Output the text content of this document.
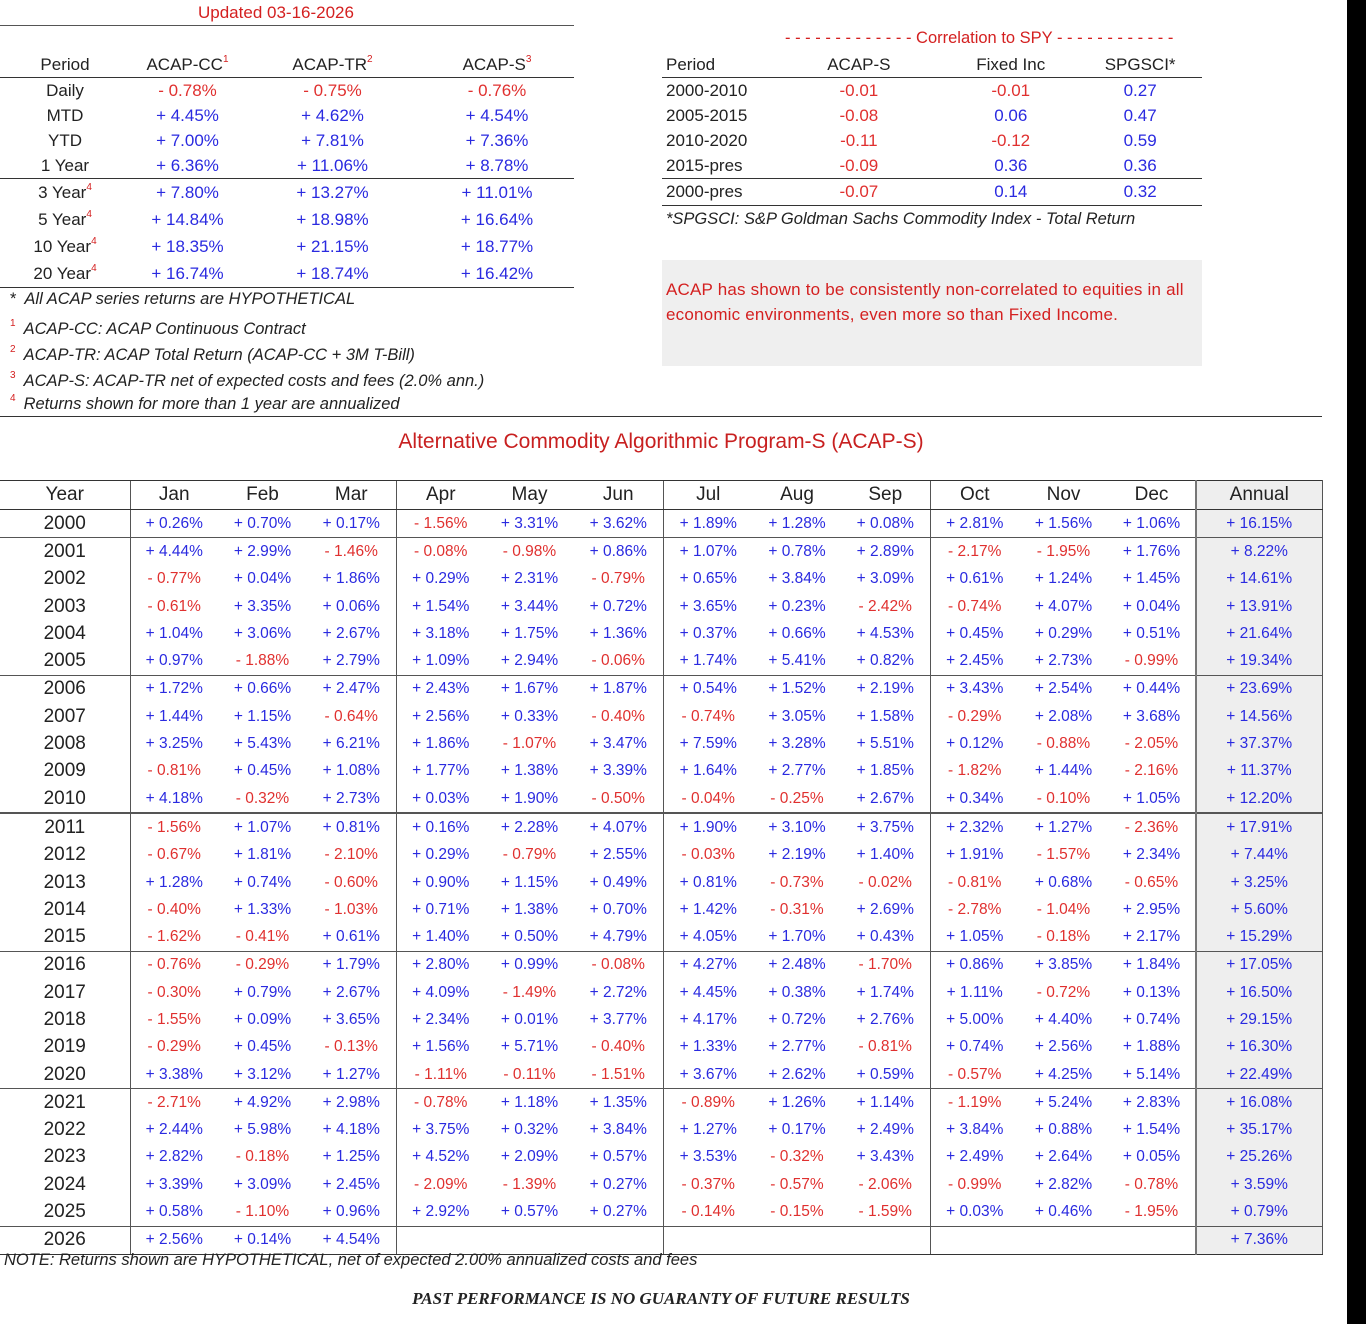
Updated 03-16-2026
Period	ACAP-$CC^1$	ACAP-$TR^2$	ACAP-$S^3$
Daily	- 0.78%	- 0.75%	- 0.76%
MTD	+ 4.45%	+ 4.62%	+ 4.54%
YTD	+ 7.00%	+ 7.81%	+ 7.36%
1 Year	+ 6.36%	+ 11.06%	+ 8.78%
3 Year$^4$	+ 7.80%	+ 13.27%	+ 11.01%
5 Year$^4$	+ 14.84%	+ 18.98%	+ 16.64%
10 Year$^4$	+ 18.35%	+ 21.15%	+ 18.77%
20 Year$^4$	+ 16.74%	+ 18.74%	+ 16.42%
* All ACAP series returns are HYPOTHETICAL
$^1$ ACAP-CC: ACAP Continuous Contract
$^2$ ACAP-TR: ACAP Total Return (ACAP-CC + 3M T-Bill)
$^3$ ACAP-S: ACAP-TR net of expected costs and fees (2.0% ann.)
$^4$ Returns shown for more than 1 year are annualized
- - - - - - - - - - - - - Correlation to SPY - - - - - - - - - - - -
Period	ACAP-S	Fixed Inc	SPGSCI*
2000-2010	-0.01	-0.01	0.27
2005-2015	-0.08	0.06	0.47
2010-2020	-0.11	-0.12	0.59
2015-pres	-0.09	0.36	0.36
2000-pres	-0.07	0.14	0.32
*SPGSCI: S&P Goldman Sachs Commodity Index - Total Return
ACAP has shown to be consistently non-correlated to equities in all economic environments, even more so than Fixed Income.
Alternative Commodity Algorithmic Program-S (ACAP-S)
Year	Jan	Feb	Mar	Apr	May	Jun	Jul	Aug	Sep	Oct	Nov	Dec	Annual
2000	+ 0.26%	+ 0.70%	+ 0.17%	- 1.56%	+ 3.31%	+ 3.62%	+ 1.89%	+ 1.28%	+ 0.08%	+ 2.81%	+ 1.56%	+ 1.06%	+ 16.15%
2001	+ 4.44%	+ 2.99%	- 1.46%	- 0.08%	- 0.98%	+ 0.86%	+ 1.07%	+ 0.78%	+ 2.89%	- 2.17%	- 1.95%	+ 1.76%	+ 8.22%
2002	- 0.77%	+ 0.04%	+ 1.86%	+ 0.29%	+ 2.31%	- 0.79%	+ 0.65%	+ 3.84%	+ 3.09%	+ 0.61%	+ 1.24%	+ 1.45%	+ 14.61%
2003	- 0.61%	+ 3.35%	+ 0.06%	+ 1.54%	+ 3.44%	+ 0.72%	+ 3.65%	+ 0.23%	- 2.42%	- 0.74%	+ 4.07%	+ 0.04%	+ 13.91%
2004	+ 1.04%	+ 3.06%	+ 2.67%	+ 3.18%	+ 1.75%	+ 1.36%	+ 0.37%	+ 0.66%	+ 4.53%	+ 0.45%	+ 0.29%	+ 0.51%	+ 21.64%
2005	+ 0.97%	- 1.88%	+ 2.79%	+ 1.09%	+ 2.94%	- 0.06%	+ 1.74%	+ 5.41%	+ 0.82%	+ 2.45%	+ 2.73%	- 0.99%	+ 19.34%
2006	+ 1.72%	+ 0.66%	+ 2.47%	+ 2.43%	+ 1.67%	+ 1.87%	+ 0.54%	+ 1.52%	+ 2.19%	+ 3.43%	+ 2.54%	+ 0.44%	+ 23.69%
2007	+ 1.44%	+ 1.15%	- 0.64%	+ 2.56%	+ 0.33%	- 0.40%	- 0.74%	+ 3.05%	+ 1.58%	- 0.29%	+ 2.08%	+ 3.68%	+ 14.56%
2008	+ 3.25%	+ 5.43%	+ 6.21%	+ 1.86%	- 1.07%	+ 3.47%	+ 7.59%	+ 3.28%	+ 5.51%	+ 0.12%	- 0.88%	- 2.05%	+ 37.37%
2009	- 0.81%	+ 0.45%	+ 1.08%	+ 1.77%	+ 1.38%	+ 3.39%	+ 1.64%	+ 2.77%	+ 1.85%	- 1.82%	+ 1.44%	- 2.16%	+ 11.37%
2010	+ 4.18%	- 0.32%	+ 2.73%	+ 0.03%	+ 1.90%	- 0.50%	- 0.04%	- 0.25%	+ 2.67%	+ 0.34%	- 0.10%	+ 1.05%	+ 12.20%
2011	- 1.56%	+ 1.07%	+ 0.81%	+ 0.16%	+ 2.28%	+ 4.07%	+ 1.90%	+ 3.10%	+ 3.75%	+ 2.32%	+ 1.27%	- 2.36%	+ 17.91%
2012	- 0.67%	+ 1.81%	- 2.10%	+ 0.29%	- 0.79%	+ 2.55%	- 0.03%	+ 2.19%	+ 1.40%	+ 1.91%	- 1.57%	+ 2.34%	+ 7.44%
2013	+ 1.28%	+ 0.74%	- 0.60%	+ 0.90%	+ 1.15%	+ 0.49%	+ 0.81%	- 0.73%	- 0.02%	- 0.81%	+ 0.68%	- 0.65%	+ 3.25%
2014	- 0.40%	+ 1.33%	- 1.03%	+ 0.71%	+ 1.38%	+ 0.70%	+ 1.42%	- 0.31%	+ 2.69%	- 2.78%	- 1.04%	+ 2.95%	+ 5.60%
2015	- 1.62%	- 0.41%	+ 0.61%	+ 1.40%	+ 0.50%	+ 4.79%	+ 4.05%	+ 1.70%	+ 0.43%	+ 1.05%	- 0.18%	+ 2.17%	+ 15.29%
2016	- 0.76%	- 0.29%	+ 1.79%	+ 2.80%	+ 0.99%	- 0.08%	+ 4.27%	+ 2.48%	- 1.70%	+ 0.86%	+ 3.85%	+ 1.84%	+ 17.05%
2017	- 0.30%	+ 0.79%	+ 2.67%	+ 4.09%	- 1.49%	+ 2.72%	+ 4.45%	+ 0.38%	+ 1.74%	+ 1.11%	- 0.72%	+ 0.13%	+ 16.50%
2018	- 1.55%	+ 0.09%	+ 3.65%	+ 2.34%	+ 0.01%	+ 3.77%	+ 4.17%	+ 0.72%	+ 2.76%	+ 5.00%	+ 4.40%	+ 0.74%	+ 29.15%
2019	- 0.29%	+ 0.45%	- 0.13%	+ 1.56%	+ 5.71%	- 0.40%	+ 1.33%	+ 2.77%	- 0.81%	+ 0.74%	+ 2.56%	+ 1.88%	+ 16.30%
2020	+ 3.38%	+ 3.12%	+ 1.27%	- 1.11%	- 0.11%	- 1.51%	+ 3.67%	+ 2.62%	+ 0.59%	- 0.57%	+ 4.25%	+ 5.14%	+ 22.49%
2021	- 2.71%	+ 4.92%	+ 2.98%	- 0.78%	+ 1.18%	+ 1.35%	- 0.89%	+ 1.26%	+ 1.14%	- 1.19%	+ 5.24%	+ 2.83%	+ 16.08%
2022	+ 2.44%	+ 5.98%	+ 4.18%	+ 3.75%	+ 0.32%	+ 3.84%	+ 1.27%	+ 0.17%	+ 2.49%	+ 3.84%	+ 0.88%	+ 1.54%	+ 35.17%
2023	+ 2.82%	- 0.18%	+ 1.25%	+ 4.52%	+ 2.09%	+ 0.57%	+ 3.53%	- 0.32%	+ 3.43%	+ 2.49%	+ 2.64%	+ 0.05%	+ 25.26%
2024	+ 3.39%	+ 3.09%	+ 2.45%	- 2.09%	- 1.39%	+ 0.27%	- 0.37%	- 0.57%	- 2.06%	- 0.99%	+ 2.82%	- 0.78%	+ 3.59%
2025	+ 0.58%	- 1.10%	+ 0.96%	+ 2.92%	+ 0.57%	+ 0.27%	- 0.14%	- 0.15%	- 1.59%	+ 0.03%	+ 0.46%	- 1.95%	+ 0.79%
2026	+ 2.56%	+ 0.14%	+ 4.54%										+ 7.36%
NOTE: Returns shown are HYPOTHETICAL, net of expected 2.00% annualized costs and fees
PAST PERFORMANCE IS NO GUARANTY OF FUTURE RESULTS
